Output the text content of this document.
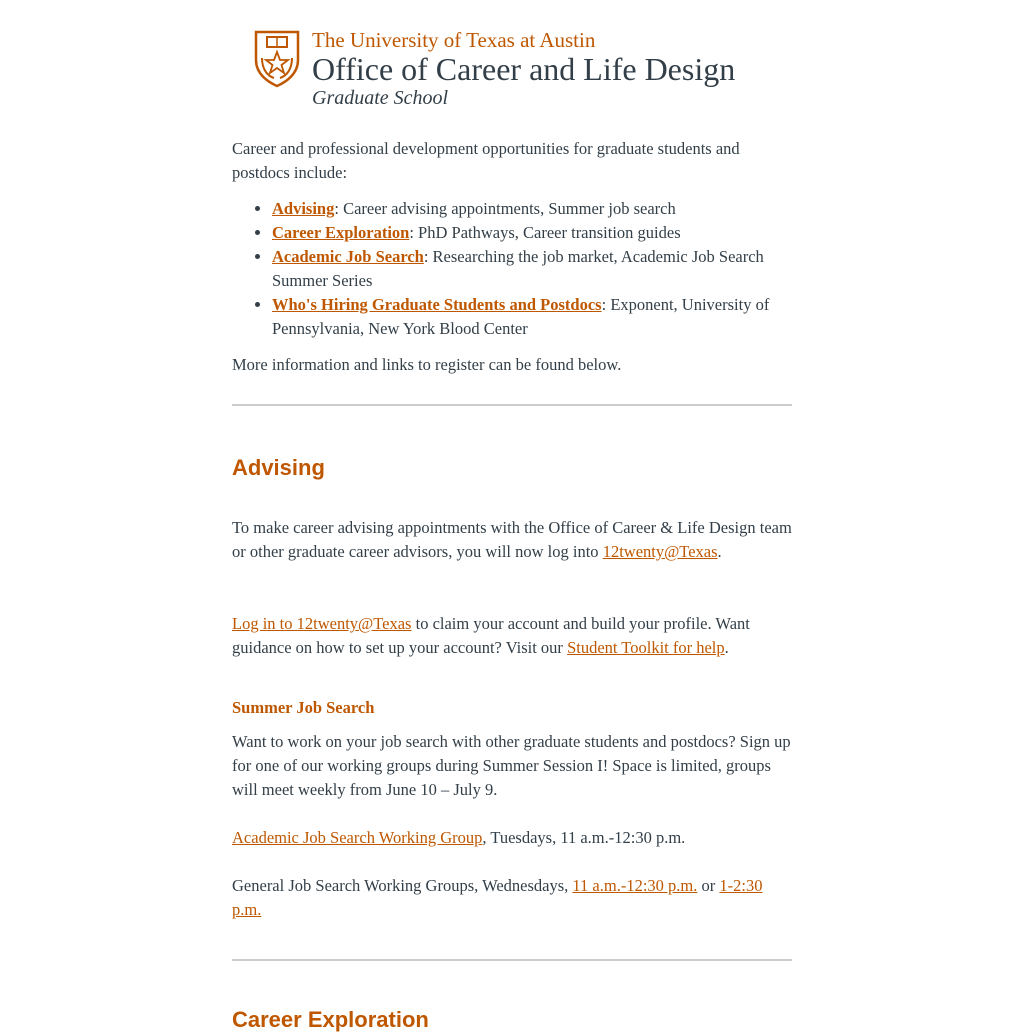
The University of Texas at Austin
Office of Career and Life Design
Graduate School

Career and professional development opportunities for graduate students and postdocs include:

• Advising: Career advising appointments, Summer job search
• Career Exploration: PhD Pathways, Career transition guides
• Academic Job Search: Researching the job market, Academic Job Search Summer Series
• Who's Hiring Graduate Students and Postdocs: Exponent, University of Pennsylvania, New York Blood Center

More information and links to register can be found below.

Advising

To make career advising appointments with the Office of Career & Life Design team or other graduate career advisors, you will now log into 12twenty@Texas.

Log in to 12twenty@Texas to claim your account and build your profile. Want guidance on how to set up your account? Visit our Student Toolkit for help.

Summer Job Search

Want to work on your job search with other graduate students and postdocs? Sign up for one of our working groups during Summer Session I! Space is limited, groups will meet weekly from June 10 – July 9.

Academic Job Search Working Group, Tuesdays, 11 a.m.-12:30 p.m.

General Job Search Working Groups, Wednesdays, 11 a.m.-12:30 p.m. or 1-2:30 p.m.

Career Exploration
